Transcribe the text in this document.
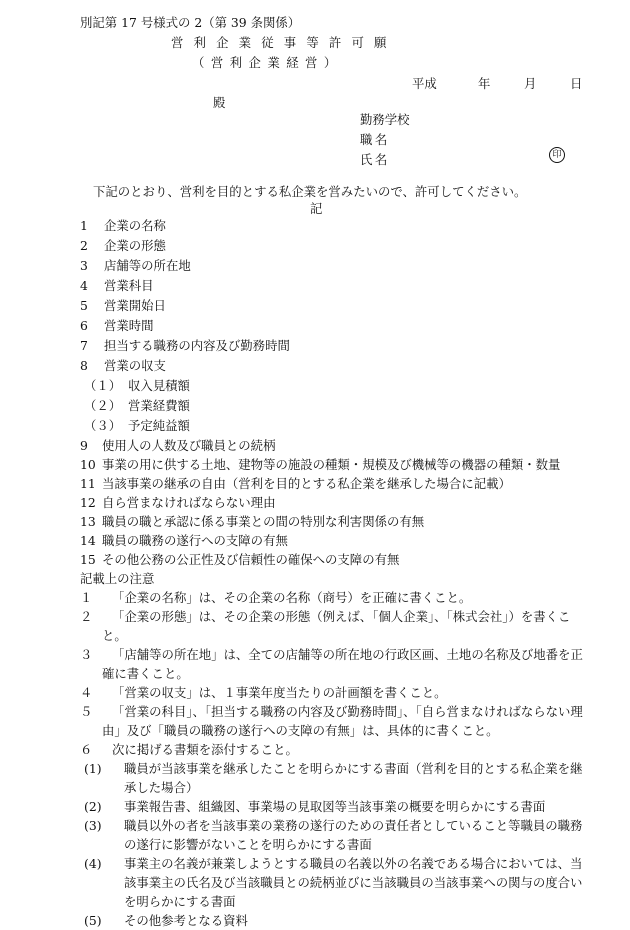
別記第 17 号様式の 2（第 39 条関係）
営利企業従事等許可願
（営利企業経営）
平成	年	月	日
殿
勤務学校
職名
氏名	印
下記のとおり、営利を目的とする私企業を営みたいので、許可してください。
記
1 企業の名称
2 企業の形態
3 店舗等の所在地
4 営業科目
5 営業開始日
6 営業時間
7 担当する職務の内容及び勤務時間
8 営業の収支
（１） 収入見積額
（２） 営業経費額
（３） 予定純益額
9 使用人の人数及び職員との続柄
10 事業の用に供する土地、建物等の施設の種類・規模及び機械等の機器の種類・数量
11 当該事業の継承の自由（営利を目的とする私企業を継承した場合に記載）
12 自ら営まなければならない理由
13 職員の職と承認に係る事業との間の特別な利害関係の有無
14 職員の職務の遂行への支障の有無
15 その他公務の公正性及び信頼性の確保への支障の有無
記載上の注意
１	「企業の名称」は、その企業の名称（商号）を正確に書くこと。
２	「企業の形態」は、その企業の形態（例えば、「個人企業」、「株式会社」）を書くこと。
３	「店舗等の所在地」は、全ての店舗等の所在地の行政区画、土地の名称及び地番を正確に書くこと。
４	「営業の収支」は、１事業年度当たりの計画額を書くこと。
５	「営業の科目」、「担当する職務の内容及び勤務時間」、「自ら営まなければならない理由」及び「職員の職務の遂行への支障の有無」は、具体的に書くこと。
６	次に掲げる書類を添付すること。
(1) 職員が当該事業を継承したことを明らかにする書面（営利を目的とする私企業を継承した場合）
(2) 事業報告書、組織図、事業場の見取図等当該事業の概要を明らかにする書面
(3) 職員以外の者を当該事業の業務の遂行のための責任者としていること等職員の職務の遂行に影響がないことを明らかにする書面
(4) 事業主の名義が兼業しようとする職員の名義以外の名義である場合においては、当該事業主の氏名及び当該職員との続柄並びに当該職員の当該事業への関与の度合いを明らかにする書面
(5) その他参考となる資料
